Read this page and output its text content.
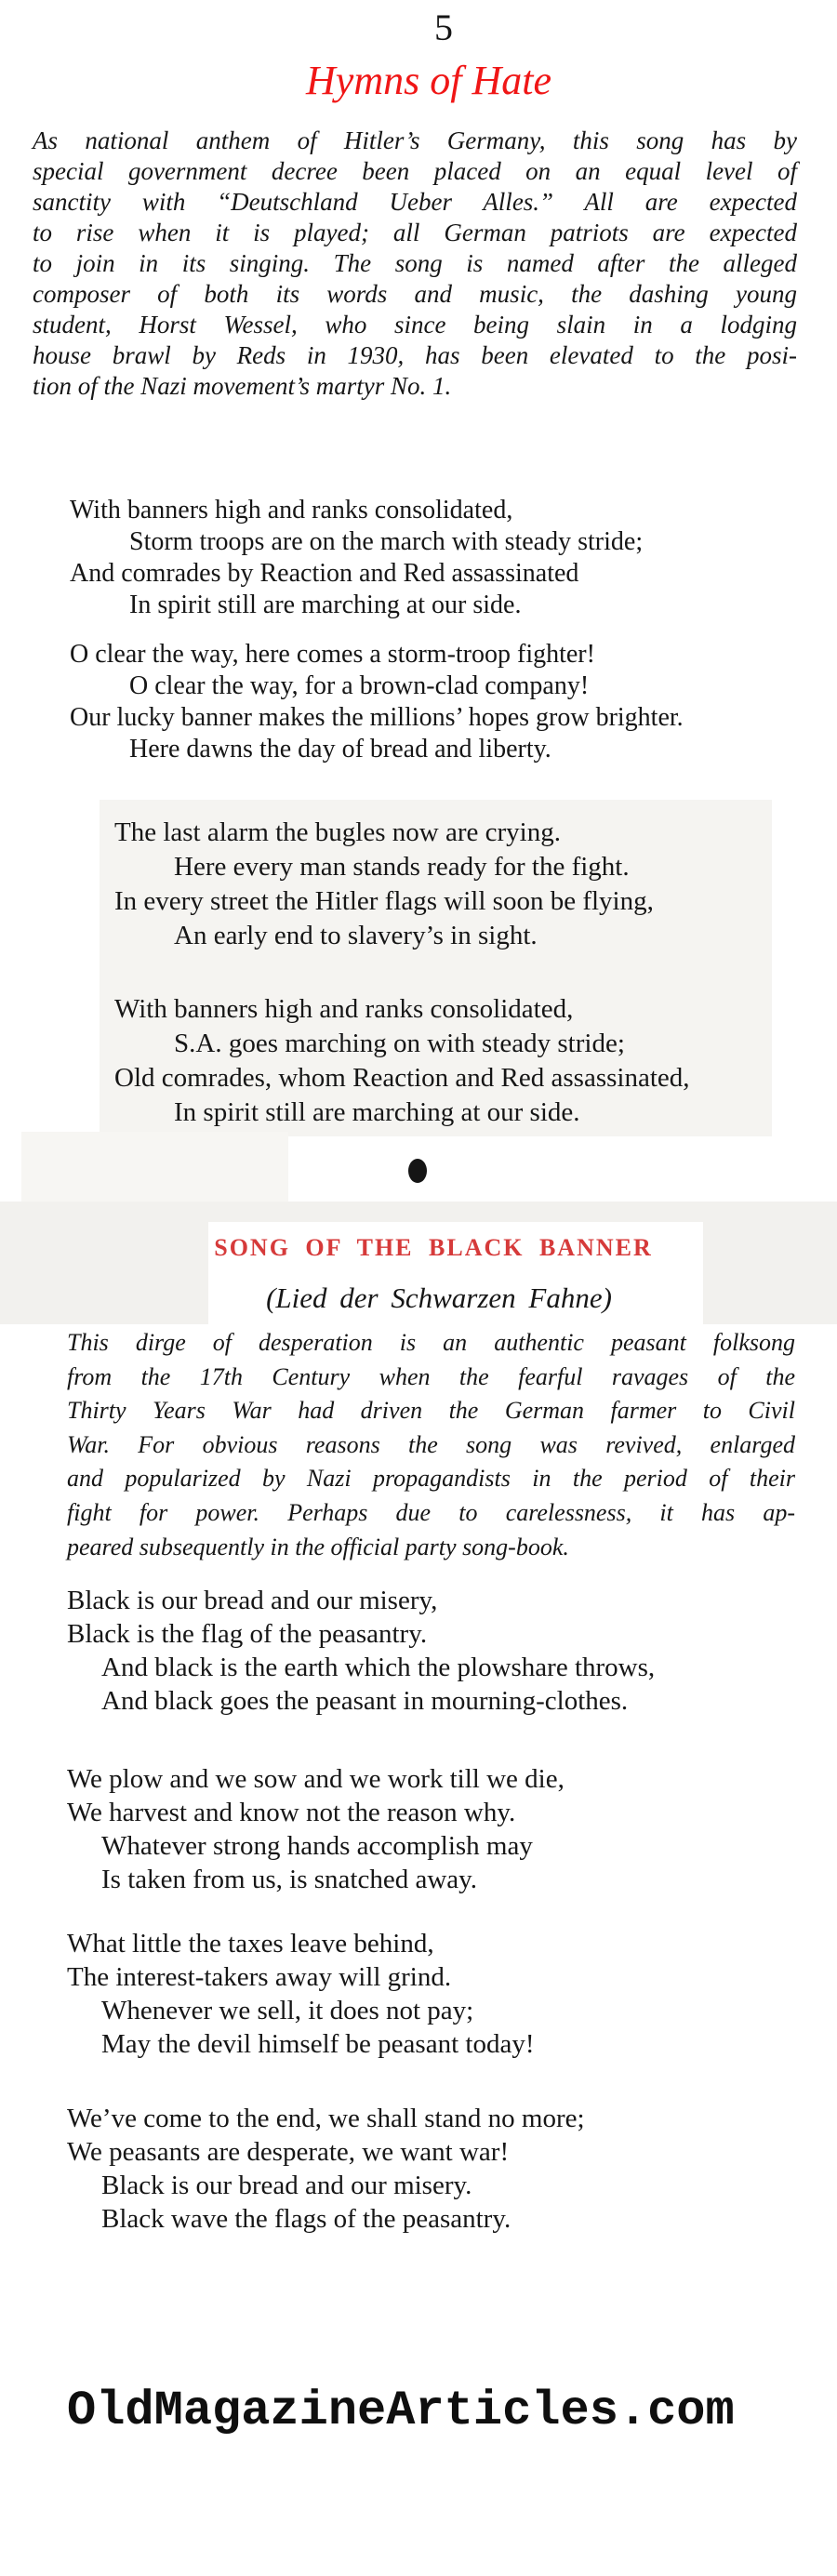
5
Hymns of Hate
As national anthem of Hitler’s Germany, this song has by
special government decree been placed on an equal level of
sanctity with “Deutschland Ueber Alles.” All are expected
to rise when it is played; all German patriots are expected
to join in its singing. The song is named after the alleged
composer of both its words and music, the dashing young
student, Horst Wessel, who since being slain in a lodging
house brawl by Reds in 1930, has been elevated to the posi-
tion of the Nazi movement’s martyr No. 1.
With banners high and ranks consolidated,
Storm troops are on the march with steady stride;
And comrades by Reaction and Red assassinated
In spirit still are marching at our side.
O clear the way, here comes a storm-troop fighter!
O clear the way, for a brown-clad company!
Our lucky banner makes the millions’ hopes grow brighter.
Here dawns the day of bread and liberty.
The last alarm the bugles now are crying.
Here every man stands ready for the fight.
In every street the Hitler flags will soon be flying,
An early end to slavery’s in sight.
With banners high and ranks consolidated,
S.A. goes marching on with steady stride;
Old comrades, whom Reaction and Red assassinated,
In spirit still are marching at our side.
SONG OF THE BLACK BANNER
(Lied der Schwarzen Fahne)
This dirge of desperation is an authentic peasant folksong
from the 17th Century when the fearful ravages of the
Thirty Years War had driven the German farmer to Civil
War. For obvious reasons the song was revived, enlarged
and popularized by Nazi propagandists in the period of their
fight for power. Perhaps due to carelessness, it has ap-
peared subsequently in the official party song-book.
Black is our bread and our misery,
Black is the flag of the peasantry.
And black is the earth which the plowshare throws,
And black goes the peasant in mourning-clothes.
We plow and we sow and we work till we die,
We harvest and know not the reason why.
Whatever strong hands accomplish may
Is taken from us, is snatched away.
What little the taxes leave behind,
The interest-takers away will grind.
Whenever we sell, it does not pay;
May the devil himself be peasant today!
We’ve come to the end, we shall stand no more;
We peasants are desperate, we want war!
Black is our bread and our misery.
Black wave the flags of the peasantry.
OldMagazineArticles.com
